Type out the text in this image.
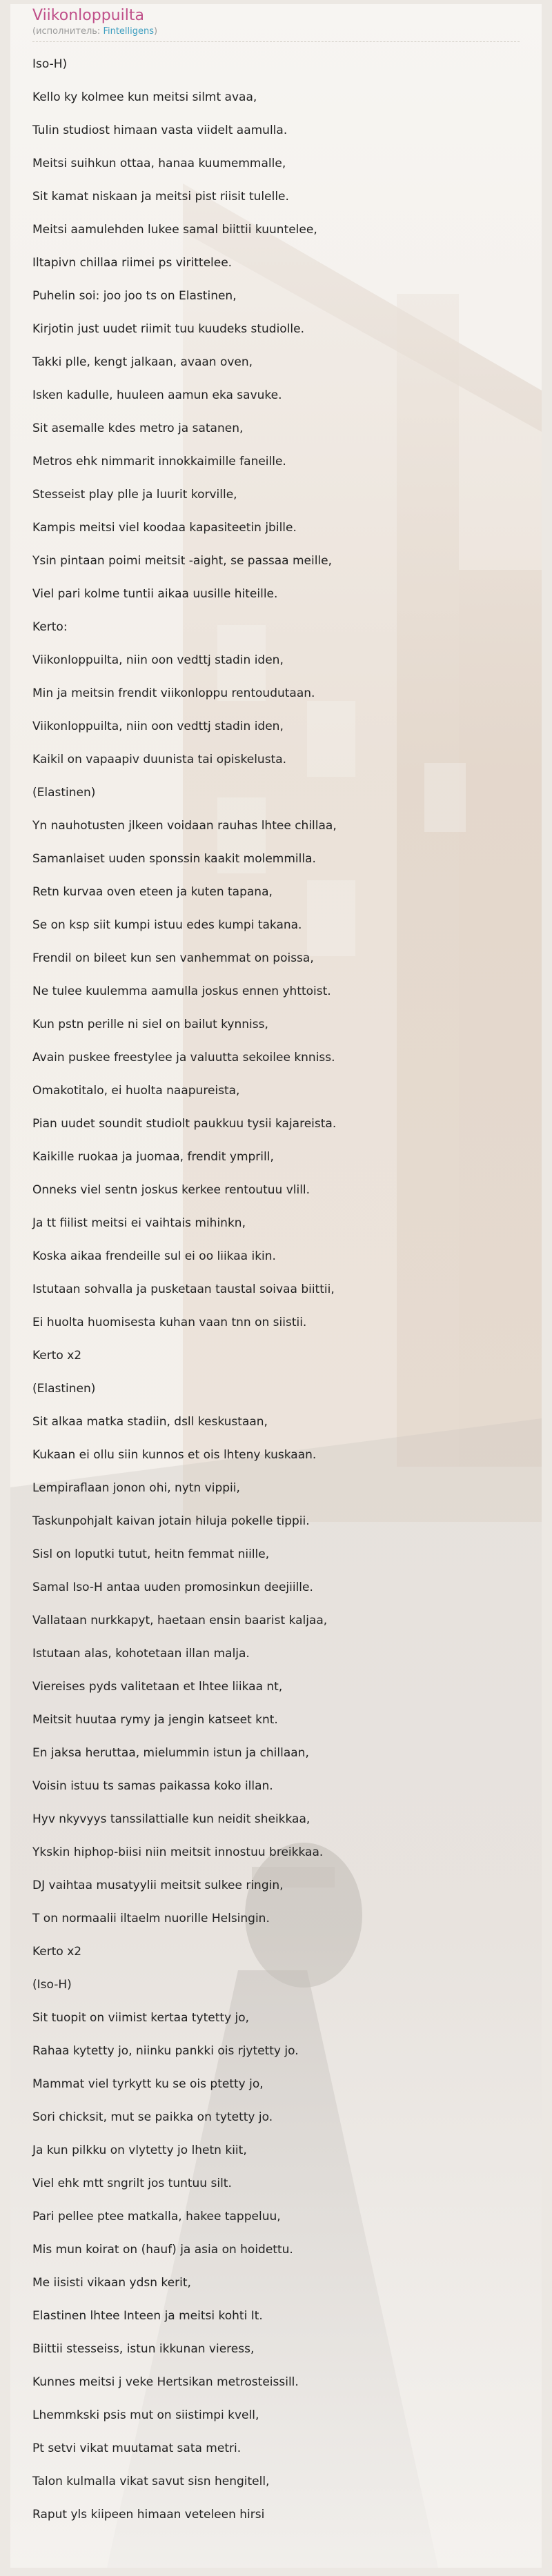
Viikonloppuilta
(исполнитель: Fintelligens)
Iso-H)
Kello ky kolmee kun meitsi silmt avaa,
Tulin studiost himaan vasta viidelt aamulla.
Meitsi suihkun ottaa, hanaa kuumemmalle,
Sit kamat niskaan ja meitsi pist riisit tulelle.
Meitsi aamulehden lukee samal biittii kuuntelee,
Iltapivn chillaa riimei ps virittelee.
Puhelin soi: joo joo ts on Elastinen,
Kirjotin just uudet riimit tuu kuudeks studiolle.
Takki plle, kengt jalkaan, avaan oven,
Isken kadulle, huuleen aamun eka savuke.
Sit asemalle kdes metro ja satanen,
Metros ehk nimmarit innokkaimille faneille.
Stesseist play plle ja luurit korville,
Kampis meitsi viel koodaa kapasiteetin jbille.
Ysin pintaan poimi meitsit -aight, se passaa meille,
Viel pari kolme tuntii aikaa uusille hiteille.
Kerto:
Viikonloppuilta, niin oon vedttj stadin iden,
Min ja meitsin frendit viikonloppu rentoudutaan.
Viikonloppuilta, niin oon vedttj stadin iden,
Kaikil on vapaapiv duunista tai opiskelusta.
(Elastinen)
Yn nauhotusten jlkeen voidaan rauhas lhtee chillaa,
Samanlaiset uuden sponssin kaakit molemmilla.
Retn kurvaa oven eteen ja kuten tapana,
Se on ksp siit kumpi istuu edes kumpi takana.
Frendil on bileet kun sen vanhemmat on poissa,
Ne tulee kuulemma aamulla joskus ennen yhttoist.
Kun pstn perille ni siel on bailut kynniss,
Avain puskee freestylee ja valuutta sekoilee knniss.
Omakotitalo, ei huolta naapureista,
Pian uudet soundit studiolt paukkuu tysii kajareista.
Kaikille ruokaa ja juomaa, frendit ymprill,
Onneks viel sentn joskus kerkee rentoutuu vlill.
Ja tt fiilist meitsi ei vaihtais mihinkn,
Koska aikaa frendeille sul ei oo liikaa ikin.
Istutaan sohvalla ja pusketaan taustal soivaa biittii,
Ei huolta huomisesta kuhan vaan tnn on siistii.
Kerto x2
(Elastinen)
Sit alkaa matka stadiin, dsll keskustaan,
Kukaan ei ollu siin kunnos et ois lhteny kuskaan.
Lempiraflaan jonon ohi, nytn vippii,
Taskunpohjalt kaivan jotain hiluja pokelle tippii.
Sisl on loputki tutut, heitn femmat niille,
Samal Iso-H antaa uuden promosinkun deejiille.
Vallataan nurkkapyt, haetaan ensin baarist kaljaa,
Istutaan alas, kohotetaan illan malja.
Viereises pyds valitetaan et lhtee liikaa nt,
Meitsit huutaa rymy ja jengin katseet knt.
En jaksa heruttaa, mielummin istun ja chillaan,
Voisin istuu ts samas paikassa koko illan.
Hyv nkyvyys tanssilattialle kun neidit sheikkaa,
Ykskin hiphop-biisi niin meitsit innostuu breikkaa.
DJ vaihtaa musatyylii meitsit sulkee ringin,
T on normaalii iltaelm nuorille Helsingin.
Kerto x2
(Iso-H)
Sit tuopit on viimist kertaa tytetty jo,
Rahaa kytetty jo, niinku pankki ois rjytetty jo.
Mammat viel tyrkytt ku se ois ptetty jo,
Sori chicksit, mut se paikka on tytetty jo.
Ja kun pilkku on vlytetty jo lhetn kiit,
Viel ehk mtt sngrilt jos tuntuu silt.
Pari pellee ptee matkalla, hakee tappeluu,
Mis mun koirat on (hauf) ja asia on hoidettu.
Me iisisti vikaan ydsn kerit,
Elastinen lhtee Inteen ja meitsi kohti It.
Biittii stesseiss, istun ikkunan vieress,
Kunnes meitsi j veke Hertsikan metrosteissill.
Lhemmkski psis mut on siistimpi kvell,
Pt setvi vikat muutamat sata metri.
Talon kulmalla vikat savut sisn hengitell,
Raput yls kiipeen himaan veteleen hirsi
